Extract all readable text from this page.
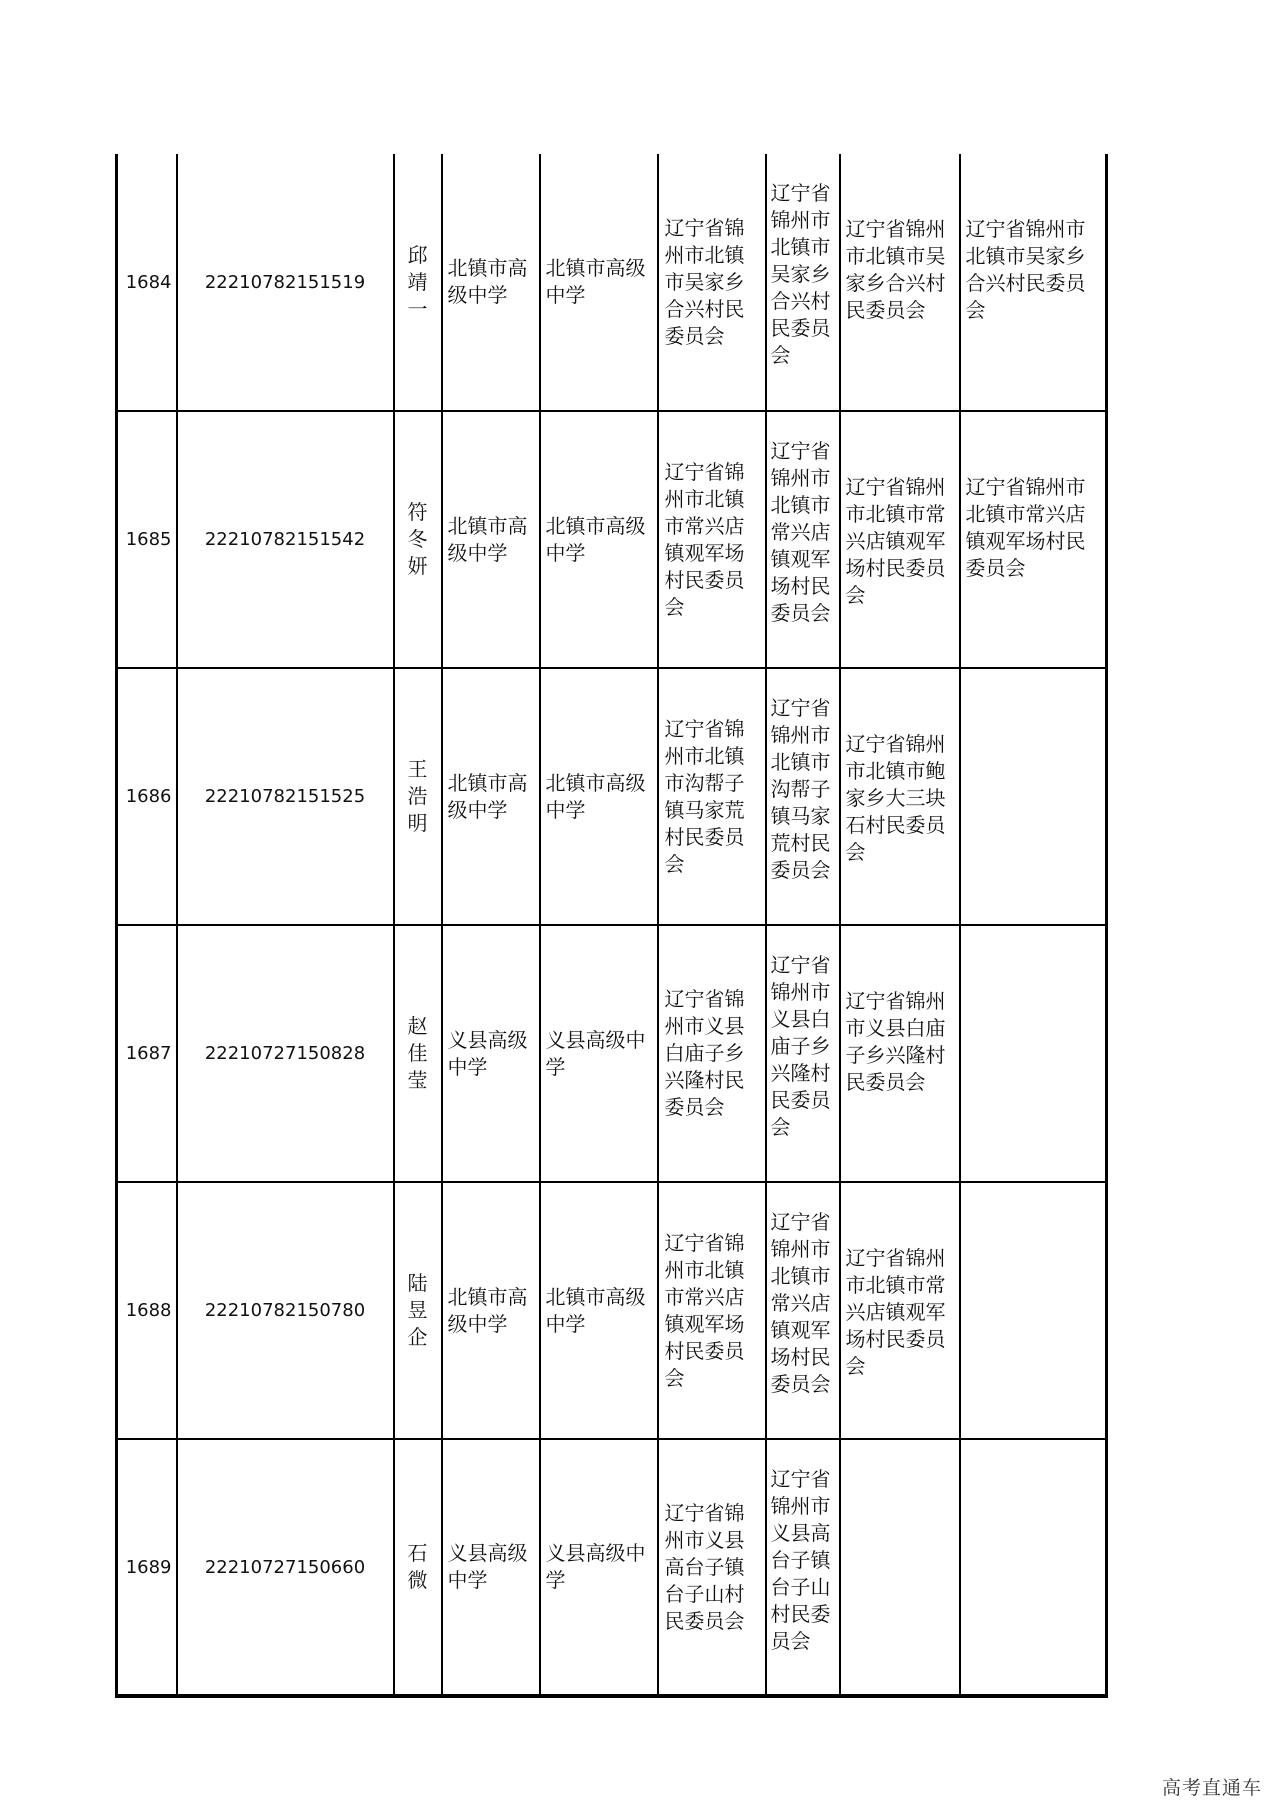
1684	22210782151519	邱靖一	北镇市高级中学	北镇市高级中学	辽宁省锦州市北镇市吴家乡合兴村民委员会	辽宁省锦州市北镇市吴家乡合兴村民委员会	辽宁省锦州市北镇市吴家乡合兴村民委员会	辽宁省锦州市北镇市吴家乡合兴村民委员会
1685	22210782151542	符冬妍	北镇市高级中学	北镇市高级中学	辽宁省锦州市北镇市常兴店镇观军场村民委员会	辽宁省锦州市北镇市常兴店镇观军场村民委员会	辽宁省锦州市北镇市常兴店镇观军场村民委员会	辽宁省锦州市北镇市常兴店镇观军场村民委员会
1686	22210782151525	王浩明	北镇市高级中学	北镇市高级中学	辽宁省锦州市北镇市沟帮子镇马家荒村民委员会	辽宁省锦州市北镇市沟帮子镇马家荒村民委员会	辽宁省锦州市北镇市鲍家乡大三块石村民委员会	
1687	22210727150828	赵佳莹	义县高级中学	义县高级中学	辽宁省锦州市义县白庙子乡兴隆村民委员会	辽宁省锦州市义县白庙子乡兴隆村民委员会	辽宁省锦州市义县白庙子乡兴隆村民委员会	
1688	22210782150780	陆昱企	北镇市高级中学	北镇市高级中学	辽宁省锦州市北镇市常兴店镇观军场村民委员会	辽宁省锦州市北镇市常兴店镇观军场村民委员会	辽宁省锦州市北镇市常兴店镇观军场村民委员会	
1689	22210727150660	石微	义县高级中学	义县高级中学	辽宁省锦州市义县高台子镇台子山村民委员会	辽宁省锦州市义县高台子镇台子山村民委员会		
高考直通车
